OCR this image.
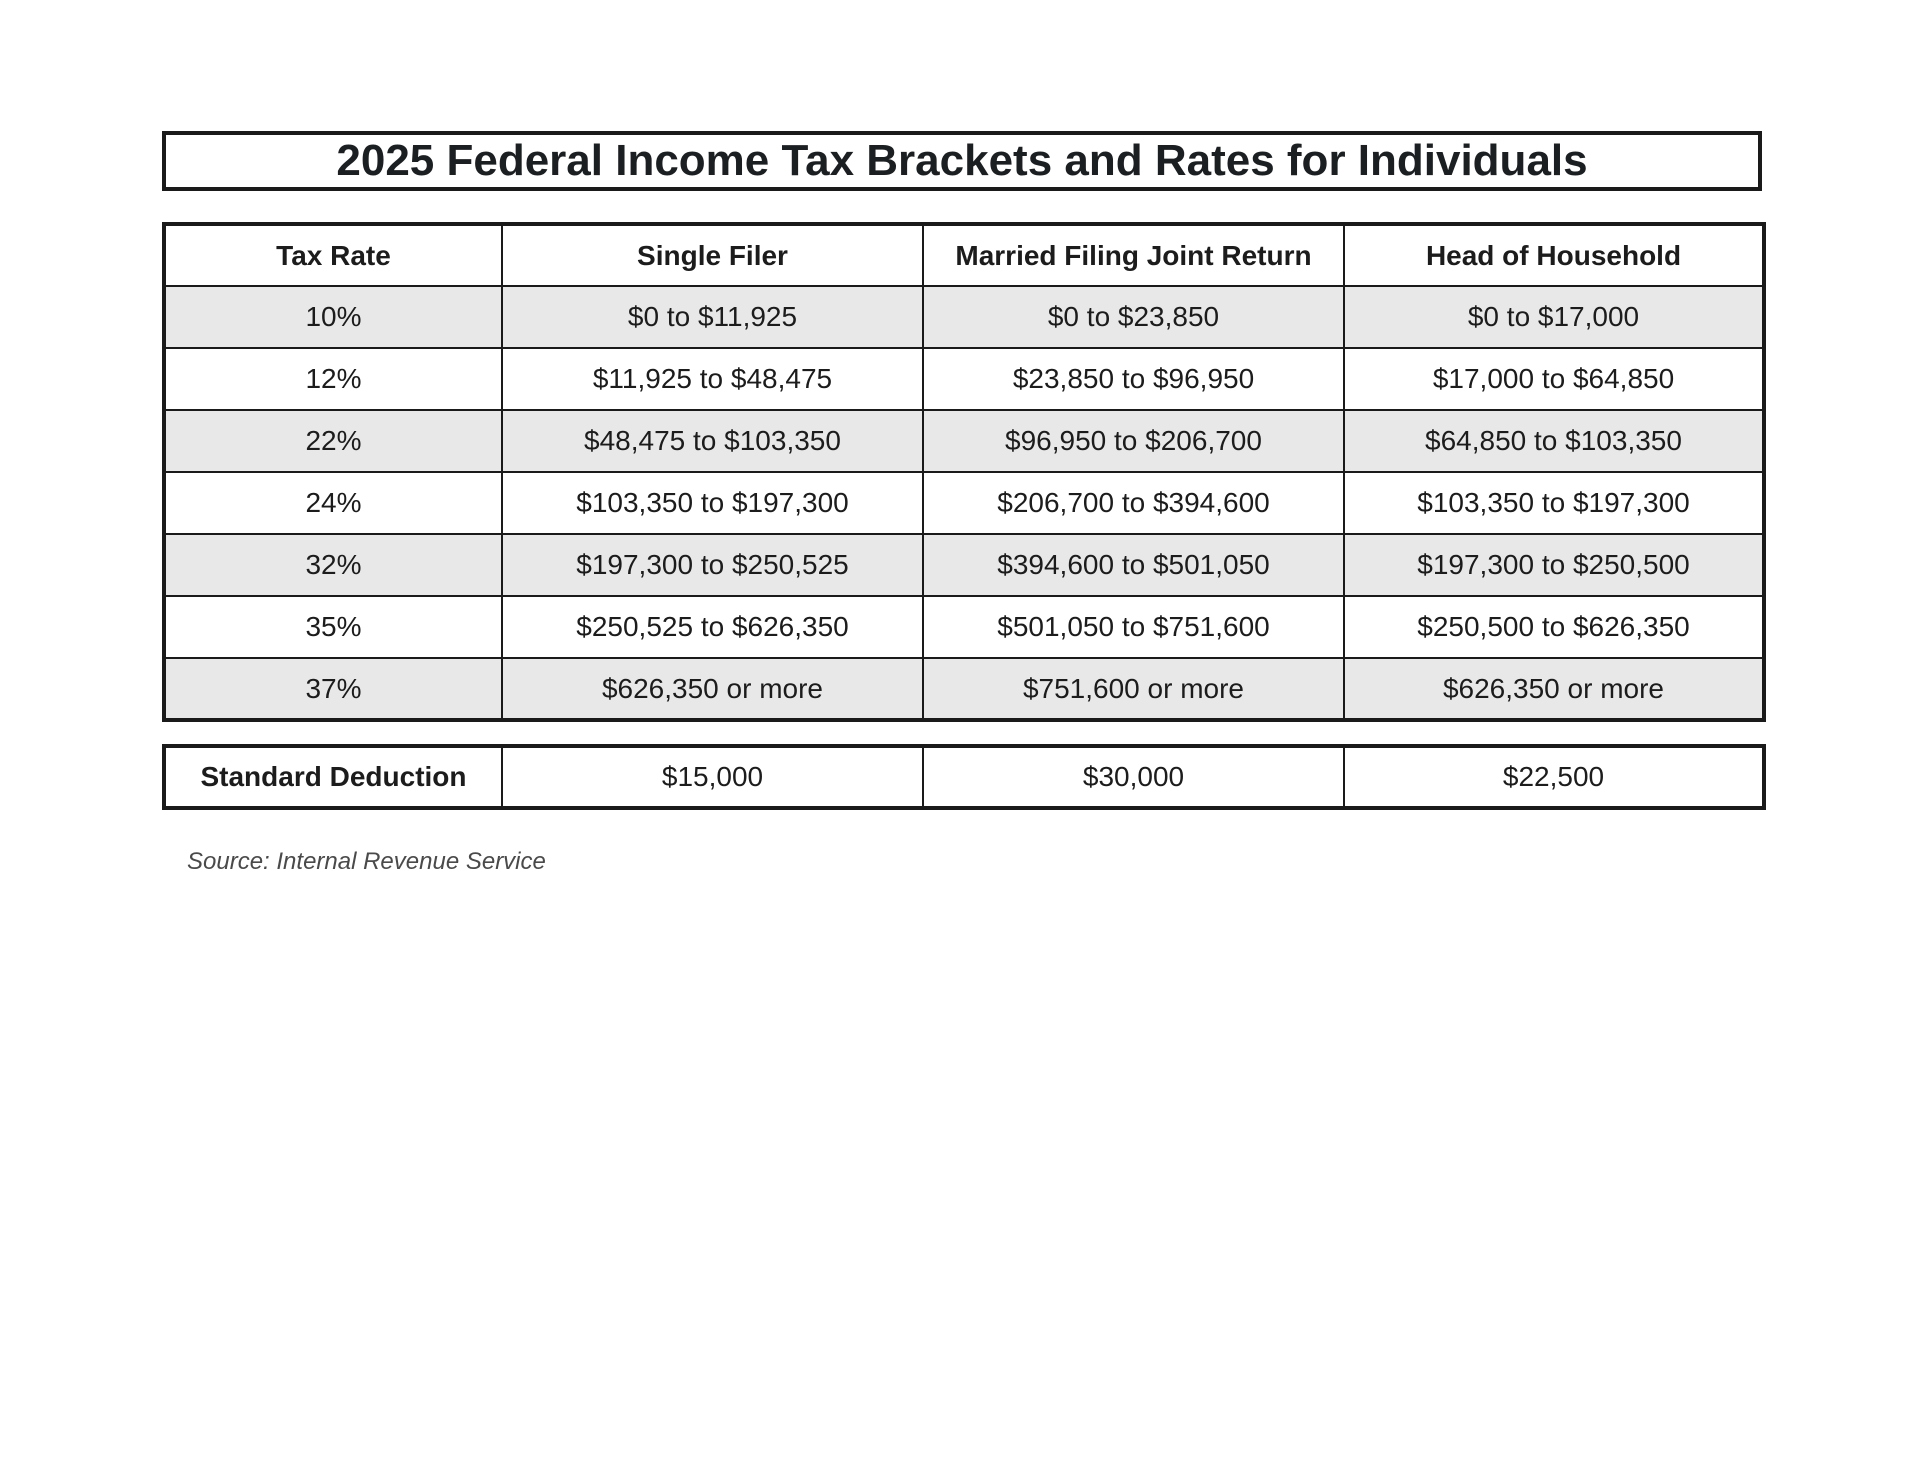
2025 Federal Income Tax Brackets and Rates for Individuals
Tax Rate	Single Filer	Married Filing Joint Return	Head of Household
10%	$0 to $11,925	$0 to $23,850	$0 to $17,000
12%	$11,925 to $48,475	$23,850 to $96,950	$17,000 to $64,850
22%	$48,475 to $103,350	$96,950 to $206,700	$64,850 to $103,350
24%	$103,350 to $197,300	$206,700 to $394,600	$103,350 to $197,300
32%	$197,300 to $250,525	$394,600 to $501,050	$197,300 to $250,500
35%	$250,525 to $626,350	$501,050 to $751,600	$250,500 to $626,350
37%	$626,350 or more	$751,600 or more	$626,350 or more
Standard Deduction	$15,000	$30,000	$22,500
Source: Internal Revenue Service
